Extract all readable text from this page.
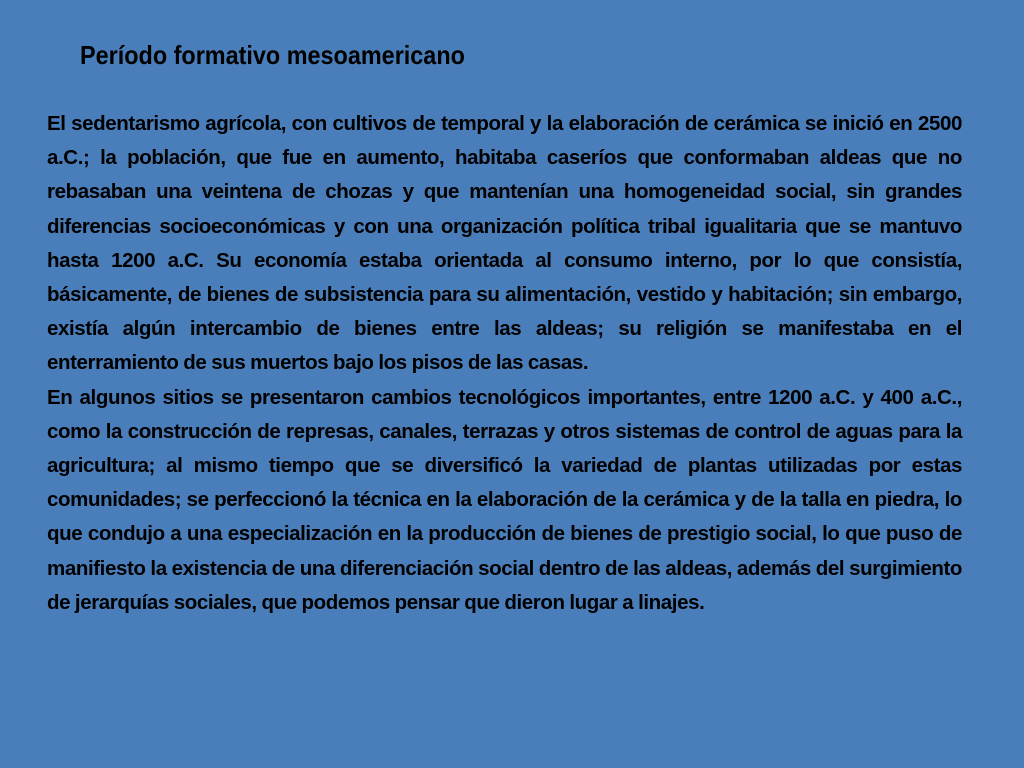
Período formativo mesoamericano

El sedentarismo agrícola, con cultivos de temporal y la elaboración de cerámica se inició en 2500 a.C.; la población, que fue en aumento, habitaba caseríos que conformaban aldeas que no rebasaban una veintena de chozas y que mantenían una homogeneidad social, sin grandes diferencias socioeconómicas y con una organización política tribal igualitaria que se mantuvo hasta 1200 a.C. Su economía estaba orientada al consumo interno, por lo que consistía, básicamente, de bienes de subsistencia para su alimentación, vestido y habitación; sin embargo, existía algún intercambio de bienes entre las aldeas; su religión se manifestaba en el enterramiento de sus muertos bajo los pisos de las casas.

En algunos sitios se presentaron cambios tecnológicos importantes, entre 1200 a.C. y 400 a.C., como la construcción de represas, canales, terrazas y otros sistemas de control de aguas para la agricultura; al mismo tiempo que se diversificó la variedad de plantas utilizadas por estas comunidades; se perfeccionó la técnica en la elaboración de la cerámica y de la talla en piedra, lo que condujo a una especialización en la producción de bienes de prestigio social, lo que puso de manifiesto la existencia de una diferenciación social dentro de las aldeas, además del surgimiento de jerarquías sociales, que podemos pensar que dieron lugar a linajes.
